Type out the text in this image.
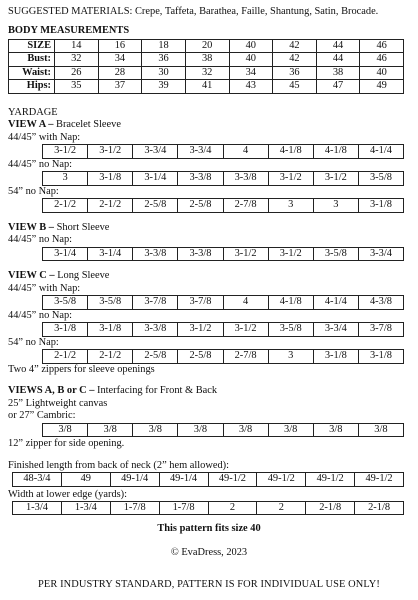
SUGGESTED MATERIALS: Crepe, Taffeta, Barathea, Faille, Shantung, Satin, Brocade.
BODY MEASUREMENTS
SIZE	14	16	18	20	40	42	44	46
Bust:	32	34	36	38	40	42	44	46
Waist:	26	28	30	32	34	36	38	40
Hips:	35	37	39	41	43	45	47	49
YARDAGE
VIEW A – Bracelet Sleeve
44/45” with Nap:
3-1/2	3-1/2	3-3/4	3-3/4	4	4-1/8	4-1/8	4-1/4
44/45” no Nap:
3	3-1/8	3-1/4	3-3/8	3-3/8	3-1/2	3-1/2	3-5/8
54” no Nap:
2-1/2	2-1/2	2-5/8	2-5/8	2-7/8	3	3	3-1/8
VIEW B – Short Sleeve
44/45” no Nap:
3-1/4	3-1/4	3-3/8	3-3/8	3-1/2	3-1/2	3-5/8	3-3/4
VIEW C – Long Sleeve
44/45” with Nap:
3-5/8	3-5/8	3-7/8	3-7/8	4	4-1/8	4-1/4	4-3/8
44/45” no Nap:
3-1/8	3-1/8	3-3/8	3-1/2	3-1/2	3-5/8	3-3/4	3-7/8
54” no Nap:
2-1/2	2-1/2	2-5/8	2-5/8	2-7/8	3	3-1/8	3-1/8
Two 4” zippers for sleeve openings
VIEWS A, B or C – Interfacing for Front & Back
25” Lightweight canvas
or 27” Cambric:
3/8	3/8	3/8	3/8	3/8	3/8	3/8	3/8
12” zipper for side opening.
Finished length from back of neck (2” hem allowed):
48-3/4	49	49-1/4	49-1/4	49-1/2	49-1/2	49-1/2	49-1/2
Width at lower edge (yards):
1-3/4	1-3/4	1-7/8	1-7/8	2	2	2-1/8	2-1/8
This pattern fits size 40
© EvaDress, 2023
PER INDUSTRY STANDARD, PATTERN IS FOR INDIVIDUAL USE ONLY!
